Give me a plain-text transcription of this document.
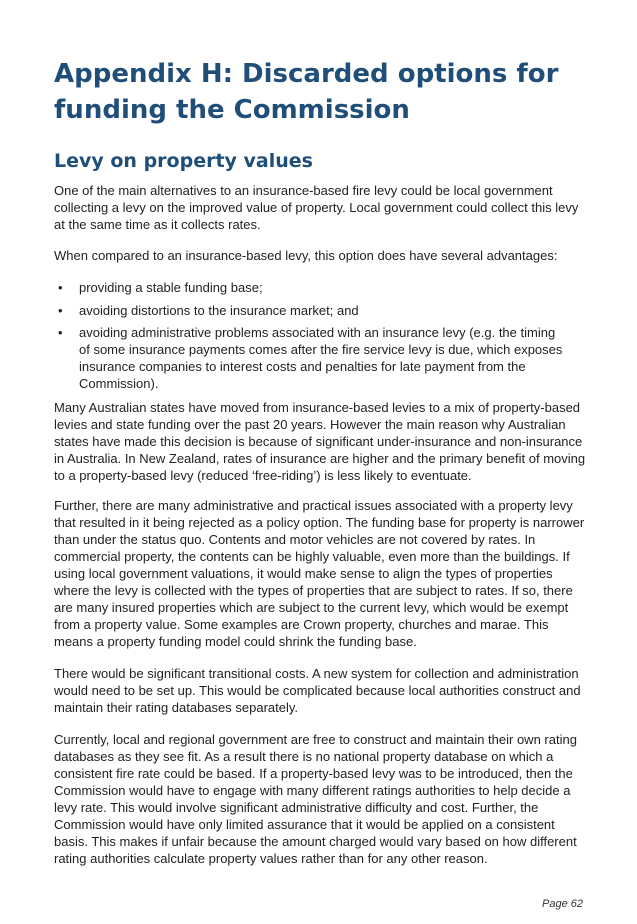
Appendix H: Discarded options for funding the Commission
Levy on property values

One of the main alternatives to an insurance-based fire levy could be local government collecting a levy on the improved value of property. Local government could collect this levy at the same time as it collects rates.

When compared to an insurance-based levy, this option does have several advantages:

• providing a stable funding base;
• avoiding distortions to the insurance market; and
• avoiding administrative problems associated with an insurance levy (e.g. the timing of some insurance payments comes after the fire service levy is due, which exposes insurance companies to interest costs and penalties for late payment from the Commission).

Many Australian states have moved from insurance-based levies to a mix of property-based levies and state funding over the past 20 years. However the main reason why Australian states have made this decision is because of significant under-insurance and non-insurance in Australia. In New Zealand, rates of insurance are higher and the primary benefit of moving to a property-based levy (reduced ‘free-riding’) is less likely to eventuate.

Further, there are many administrative and practical issues associated with a property levy that resulted in it being rejected as a policy option. The funding base for property is narrower than under the status quo. Contents and motor vehicles are not covered by rates. In commercial property, the contents can be highly valuable, even more than the buildings. If using local government valuations, it would make sense to align the types of properties where the levy is collected with the types of properties that are subject to rates. If so, there are many insured properties which are subject to the current levy, which would be exempt from a property value. Some examples are Crown property, churches and marae. This means a property funding model could shrink the funding base.

There would be significant transitional costs. A new system for collection and administration would need to be set up. This would be complicated because local authorities construct and maintain their rating databases separately.

Currently, local and regional government are free to construct and maintain their own rating databases as they see fit. As a result there is no national property database on which a consistent fire rate could be based. If a property-based levy was to be introduced, then the Commission would have to engage with many different ratings authorities to help decide a levy rate. This would involve significant administrative difficulty and cost. Further, the Commission would have only limited assurance that it would be applied on a consistent basis. This makes if unfair because the amount charged would vary based on how different rating authorities calculate property values rather than for any other reason.

Page 62
